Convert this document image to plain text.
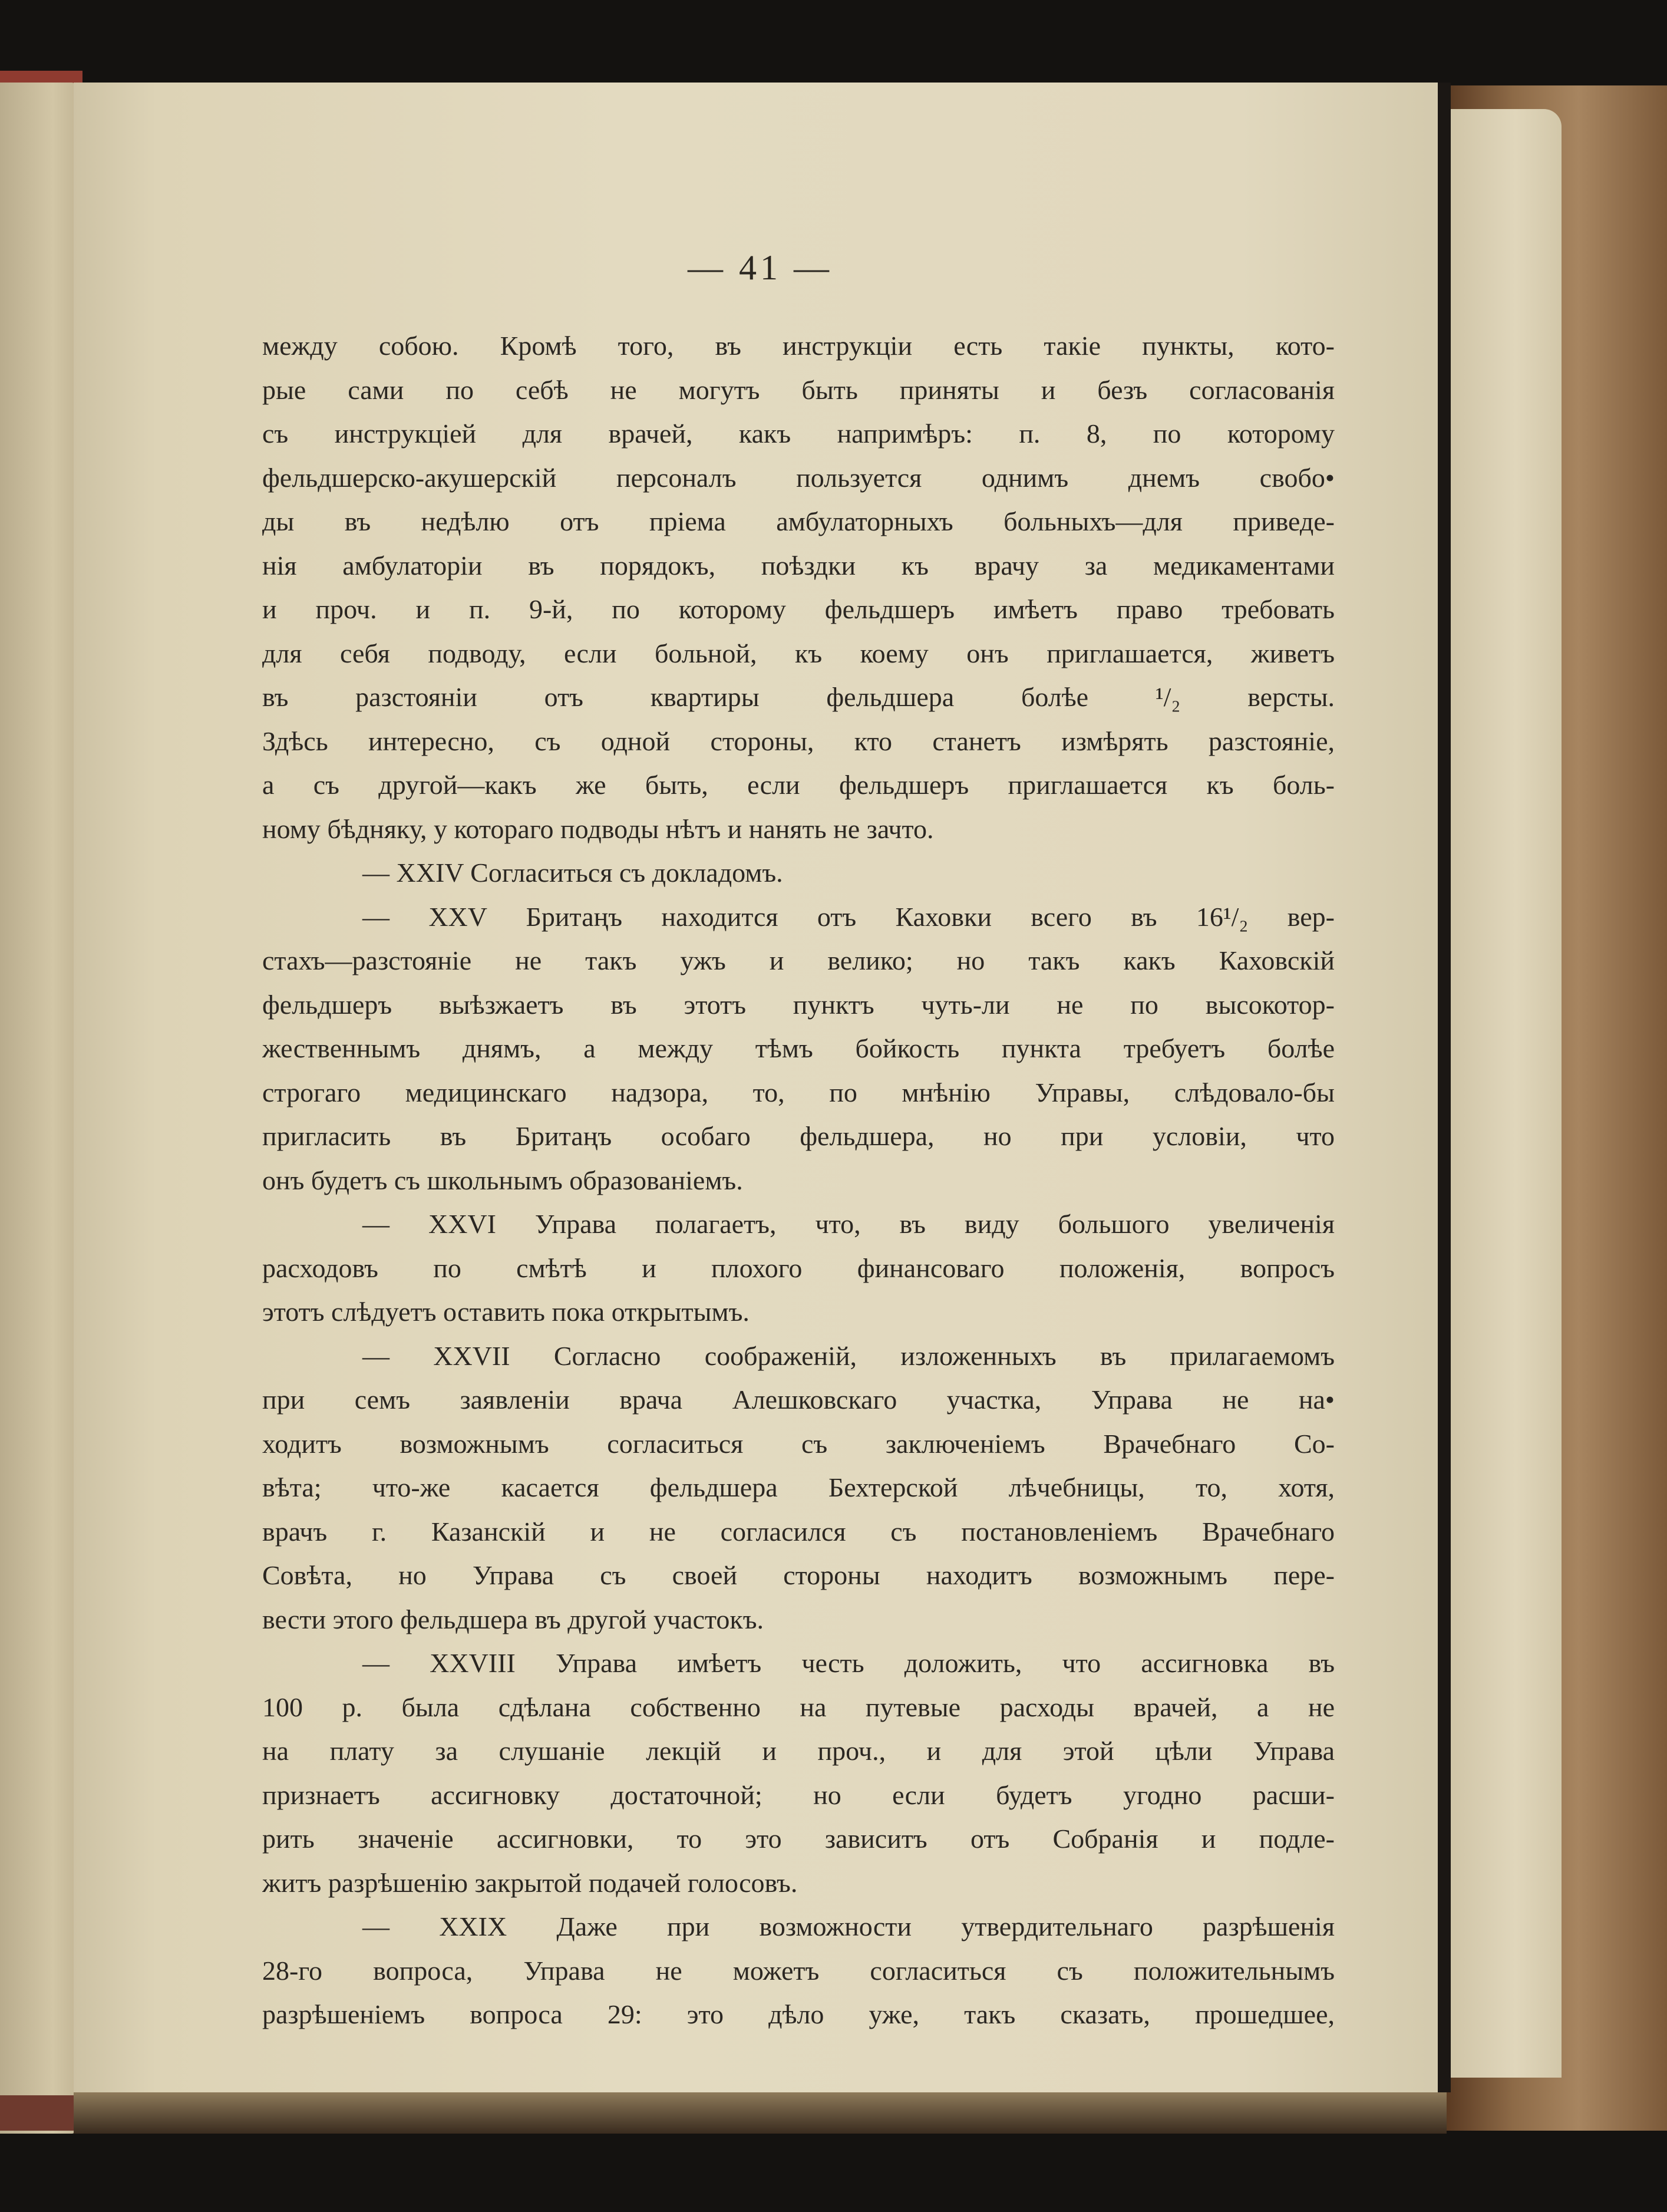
— 41 —
между собою. Кромѣ того, въ инструкціи есть такіе пункты, кото-
рые сами по себѣ не могутъ быть приняты и безъ согласованія
съ инструкціей для врачей, какъ напримѣръ: п. 8, по которому
фельдшерско-акушерскій персоналъ пользуется однимъ днемъ свобо•
ды въ недѣлю отъ пріема амбулаторныхъ больныхъ—для приведе-
нія амбулаторіи въ порядокъ, поѣздки къ врачу за медикаментами
и проч. и п. 9-й, по которому фельдшеръ имѣетъ право требовать
для себя подводу, если больной, къ коему онъ приглашается, живетъ
въ разстояніи отъ квартиры фельдшера болѣе ¹/₂ версты.
Здѣсь интересно, съ одной стороны, кто станетъ измѣрять разстояніе,
а съ другой—какъ же быть, если фельдшеръ приглашается къ боль-
ному бѣдняку, у котораго подводы нѣтъ и нанять не зачто.
— XXIV Согласиться съ докладомъ.
— XXV Бритаңъ находится отъ Каховки всего въ 16¹/₂ вер-
стахъ—разстояніе не такъ ужъ и велико; но такъ какъ Каховскій
фельдшеръ выѣзжаетъ въ этотъ пунктъ чуть-ли не по высокотор-
жественнымъ днямъ, а между тѣмъ бойкость пункта требуетъ болѣе
строгаго медицинскаго надзора, то, по мнѣнію Управы, слѣдовало-бы
пригласить въ Бритаңъ особаго фельдшера, но при условіи, что
онъ будетъ съ школьнымъ образованіемъ.
— XXVI Управа полагаетъ, что, въ виду большого увеличенія
расходовъ по смѣтѣ и плохого финансоваго положенія, вопросъ
этотъ слѣдуетъ оставить пока открытымъ.
— XXVII Согласно соображеній, изложенныхъ въ прилагаемомъ
при семъ заявленіи врача Алешковскаго участка, Управа не на•
ходитъ возможнымъ согласиться съ заключеніемъ Врачебнаго Со-
вѣта; что-же касается фельдшера Бехтерской лѣчебницы, то, хотя,
врачъ г. Казанскій и не согласился съ постановленіемъ Врачебнаго
Совѣта, но Управа съ своей стороны находитъ возможнымъ пере-
вести этого фельдшера въ другой участокъ.
— XXVIII Управа имѣетъ честь доложить, что ассигновка въ
100 р. была сдѣлана собственно на путевые расходы врачей, а не
на плату за слушаніе лекцій и проч., и для этой цѣли Управа
признаетъ ассигновку достаточной; но если будетъ угодно расши-
рить значеніе ассигновки, то это зависитъ отъ Собранія и подле-
житъ разрѣшенію закрытой подачей голосовъ.
— XXIX Даже при возможности утвердительнаго разрѣшенія
28-го вопроса, Управа не можетъ согласиться съ положительнымъ
разрѣшеніемъ вопроса 29: это дѣло уже, такъ сказать, прошедшее,
